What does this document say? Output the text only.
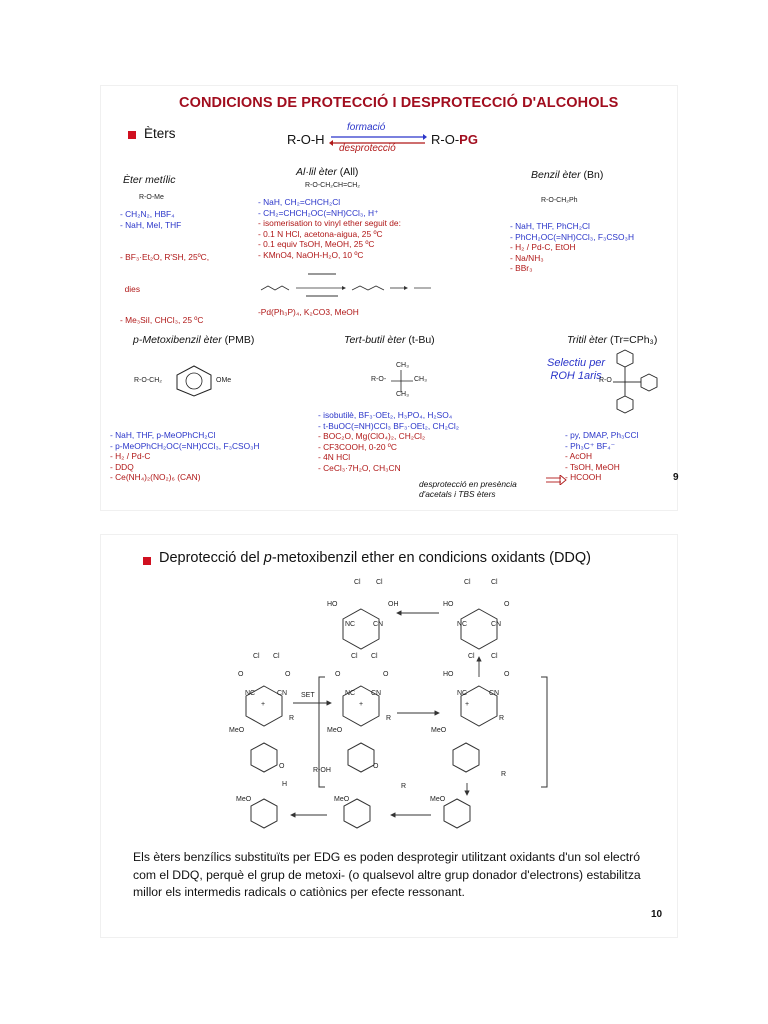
CONDICIONS DE PROTECCIÓ I DESPROTECCIÓ D'ALCOHOLS
Èters	R-O-H
formació
desprotecció
R-O-PG
Èter metílic
R-O-Me
- CH₂N₂, HBF₄
- NaH, MeI, THF

- BF₃·Et₂O, R'SH, 25ºC,

dies

- Me₃SiI, CHCl₃, 25 ºC

Al·lil èter (All)
R-O-CH₂CH=CH₂
- NaH, CH₂=CHCH₂Cl
- CH₂=CHCH₂OC(=NH)CCl₃, H⁺
- isomerisation to vinyl ether seguit de:
- 0.1 N HCl, acetona-aigua, 25 ºC
- 0.1 equiv TsOH, MeOH, 25 ºC
- KMnO4, NaOH-H₂O, 10 ºC
-Pd(Ph₃P)₄, K₂CO3, MeOH
Benzil èter (Bn)
R-O-CH₂Ph
- NaH, THF, PhCH₂Cl
- PhCH₂OC(=NH)CCl₃, F₃CSO₃H
- H₂ / Pd-C, EtOH
- Na/NH₃
- BBr₃
p-Metoxibenzil èter (PMB)
R-O-CH₂	OMe
- NaH, THF, p-MeOPhCH₂Cl
- p-MeOPhCH₂OC(=NH)CCl₃, F₃CSO₃H
- H₂ / Pd-C
- DDQ
- Ce(NH₄)₂(NO₂)₆ (CAN)
Tert-butil èter (t-Bu)
R-O-
CH₃
CH₃
CH₃
- isobutilè, BF₃·OEt₂, H₃PO₄, H₂SO₄
- t-BuOC(=NH)CCl₃ BF₃·OEt₂, CH₂Cl₂
- BOC₂O, Mg(ClO₄)₂, CH₂Cl₂
- CF3COOH, 0-20 ºC
- 4N HCl
- CeCl₃·7H₂O, CH₃CN
desprotecció en presència
d'acetals i TBS èters
Tritil èter (Tr=CPh₃)
Selectiu per
ROH 1aris
R-O
- py, DMAP, Ph₃CCl
- Ph₃C⁺ BF₄⁻
- AcOH
- TsOH, MeOH
- HCOOH	9
Deprotecció del p-metoxibenzil ether en condicions oxidants (DDQ)
Cl Cl
HO	OH
NC	CN
Cl	Cl
HO	O
NC	CN
Cl Cl
O	O
NC	CN SET
+
MeO
R
Cl Cl
O	O
NC CN
+
MeO
R
Cl Cl
HO	O
NC	CN
+
MeO
R
MeO
R
MeO
R
O
R-OH
MeO
H
O
Els èters benzílics substituïts per EDG es poden desprotegir utilitzant oxidants d'un sol electró com el DDQ, perquè el grup de metoxi- (o qualsevol altre grup donador d'electrons) estabilitza millor els intermedis radicals o catiònics per efecte ressonant.
10
